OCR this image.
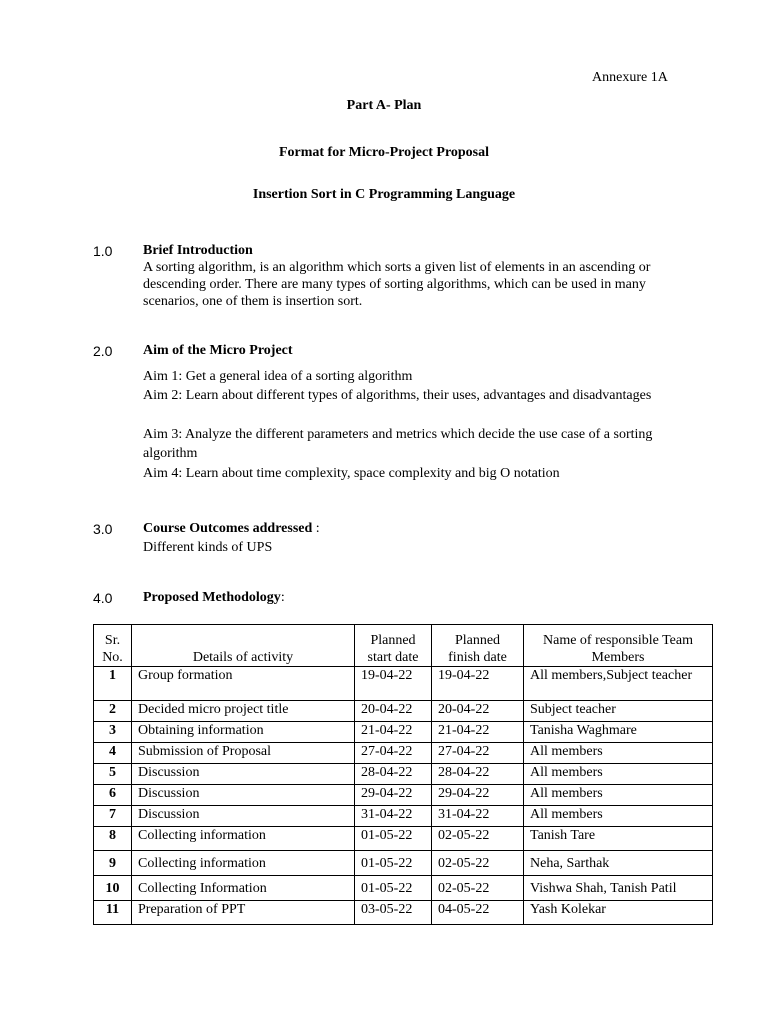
Annexure 1A
Part A- Plan
Format for Micro-Project Proposal
Insertion Sort in C Programming Language
1.0 Brief Introduction
A sorting algorithm, is an algorithm which sorts a given list of elements in an ascending or descending order. There are many types of sorting algorithms, which can be used in many scenarios, one of them is insertion sort.
2.0 Aim of the Micro Project
Aim 1: Get a general idea of a sorting algorithm
Aim 2: Learn about different types of algorithms, their uses, advantages and disadvantages
Aim 3: Analyze the different parameters and metrics which decide the use case of a sorting algorithm
Aim 4: Learn about time complexity, space complexity and big O notation
3.0 Course Outcomes addressed :
Different kinds of UPS
4.0 Proposed Methodology:
Sr. No.	Details of activity	Planned start date	Planned finish date	Name of responsible Team Members
1	Group formation	19-04-22	19-04-22	All members,Subject teacher
2	Decided micro project title	20-04-22	20-04-22	Subject teacher
3	Obtaining information	21-04-22	21-04-22	Tanisha Waghmare
4	Submission of Proposal	27-04-22	27-04-22	All members
5	Discussion	28-04-22	28-04-22	All members
6	Discussion	29-04-22	29-04-22	All members
7	Discussion	31-04-22	31-04-22	All members
8	Collecting information	01-05-22	02-05-22	Tanish Tare
9	Collecting information	01-05-22	02-05-22	Neha, Sarthak
10	Collecting Information	01-05-22	02-05-22	Vishwa Shah, Tanish Patil
11	Preparation of PPT	03-05-22	04-05-22	Yash Kolekar
